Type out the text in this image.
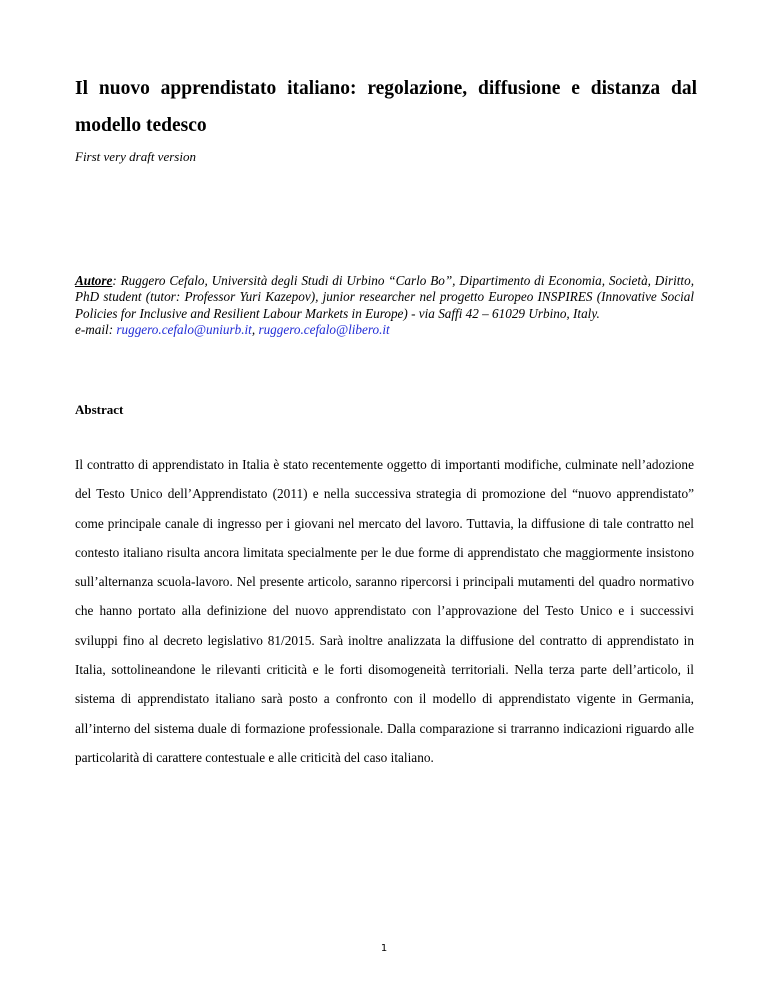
Il nuovo apprendistato italiano: regolazione, diffusione e distanza dal modello tedesco

First very draft version

Autore: Ruggero Cefalo, Università degli Studi di Urbino “Carlo Bo”, Dipartimento di Economia, Società, Diritto, PhD student (tutor: Professor Yuri Kazepov), junior researcher nel progetto Europeo INSPIRES (Innovative Social Policies for Inclusive and Resilient Labour Markets in Europe) - via Saffi 42 – 61029 Urbino, Italy.
e-mail: ruggero.cefalo@uniurb.it, ruggero.cefalo@libero.it

Abstract

Il contratto di apprendistato in Italia è stato recentemente oggetto di importanti modifiche, culminate nell’adozione del Testo Unico dell’Apprendistato (2011) e nella successiva strategia di promozione del “nuovo apprendistato” come principale canale di ingresso per i giovani nel mercato del lavoro. Tuttavia, la diffusione di tale contratto nel contesto italiano risulta ancora limitata specialmente per le due forme di apprendistato che maggiormente insistono sull’alternanza scuola-lavoro. Nel presente articolo, saranno ripercorsi i principali mutamenti del quadro normativo che hanno portato alla definizione del nuovo apprendistato con l’approvazione del Testo Unico e i successivi sviluppi fino al decreto legislativo 81/2015. Sarà inoltre analizzata la diffusione del contratto di apprendistato in Italia, sottolineandone le rilevanti criticità e le forti disomogeneità territoriali. Nella terza parte dell’articolo, il sistema di apprendistato italiano sarà posto a confronto con il modello di apprendistato vigente in Germania, all’interno del sistema duale di formazione professionale. Dalla comparazione si trarranno indicazioni riguardo alle particolarità di carattere contestuale e alle criticità del caso italiano.

1
